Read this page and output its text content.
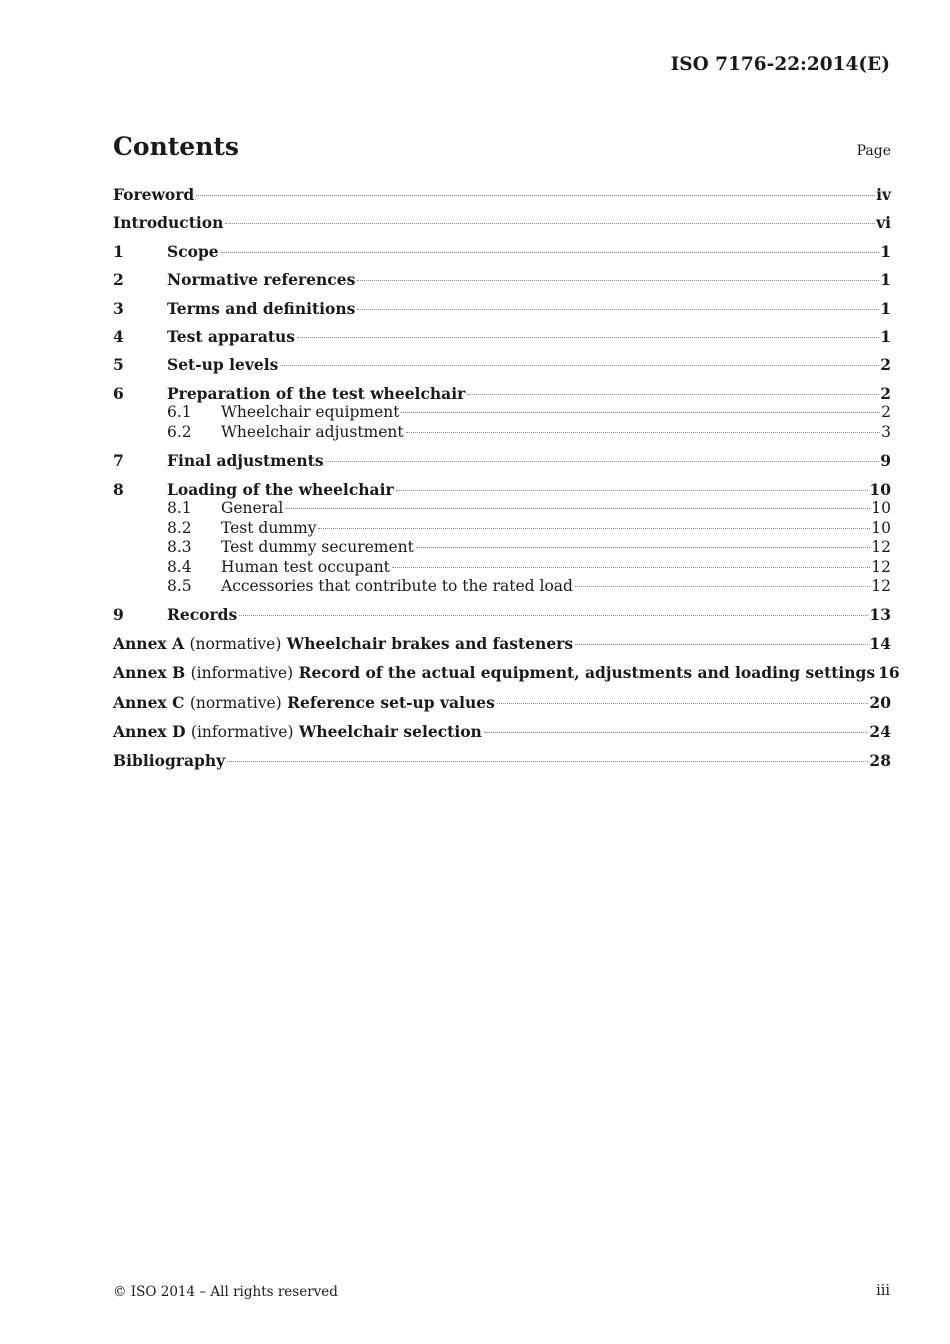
ISO 7176-22:2014(E)
Contents	Page
Foreword	iv
Introduction	vi
1	Scope	1
2	Normative references	1
3	Terms and definitions	1
4	Test apparatus	1
5	Set-up levels	2
6	Preparation of the test wheelchair	2
6.1	Wheelchair equipment	2
6.2	Wheelchair adjustment	3
7	Final adjustments	9
8	Loading of the wheelchair	10
8.1	General	10
8.2	Test dummy	10
8.3	Test dummy securement	12
8.4	Human test occupant	12
8.5	Accessories that contribute to the rated load	12
9	Records	13
Annex A (normative) Wheelchair brakes and fasteners	14
Annex B (informative) Record of the actual equipment, adjustments and loading settings 16
Annex C (normative) Reference set-up values	20
Annex D (informative) Wheelchair selection	24
Bibliography	28
© ISO 2014 – All rights reserved	iii
